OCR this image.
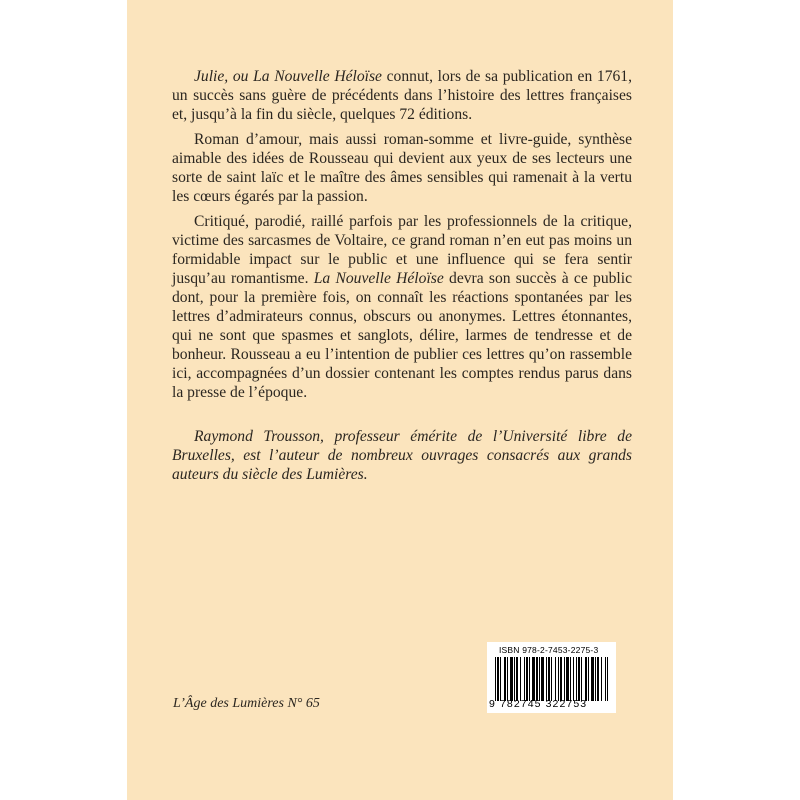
Julie, ou La Nouvelle Héloïse connut, lors de sa publication en 1761, un succès sans guère de précédents dans l’histoire des lettres françaises et, jusqu’à la fin du siècle, quelques 72 éditions.

Roman d’amour, mais aussi roman-somme et livre-guide, synthèse aimable des idées de Rousseau qui devient aux yeux de ses lecteurs une sorte de saint laïc et le maître des âmes sensibles qui ramenait à la vertu les cœurs égarés par la passion.

Critiqué, parodié, raillé parfois par les professionnels de la critique, victime des sarcasmes de Voltaire, ce grand roman n’en eut pas moins un formidable impact sur le public et une influence qui se fera sentir jusqu’au romantisme. La Nouvelle Héloïse devra son succès à ce public dont, pour la première fois, on connaît les réactions spontanées par les lettres d’admirateurs connus, obscurs ou anonymes. Lettres étonnantes, qui ne sont que spasmes et sanglots, délire, larmes de tendresse et de bonheur. Rousseau a eu l’intention de publier ces lettres qu’on rassemble ici, accompagnées d’un dossier contenant les comptes rendus parus dans la presse de l’époque.

Raymond Trousson, professeur émérite de l’Université libre de Bruxelles, est l’auteur de nombreux ouvrages consacrés aux grands auteurs du siècle des Lumières.

L’Âge des Lumières N° 65
ISBN 978-2-7453-2275-3
9 782745 322753
